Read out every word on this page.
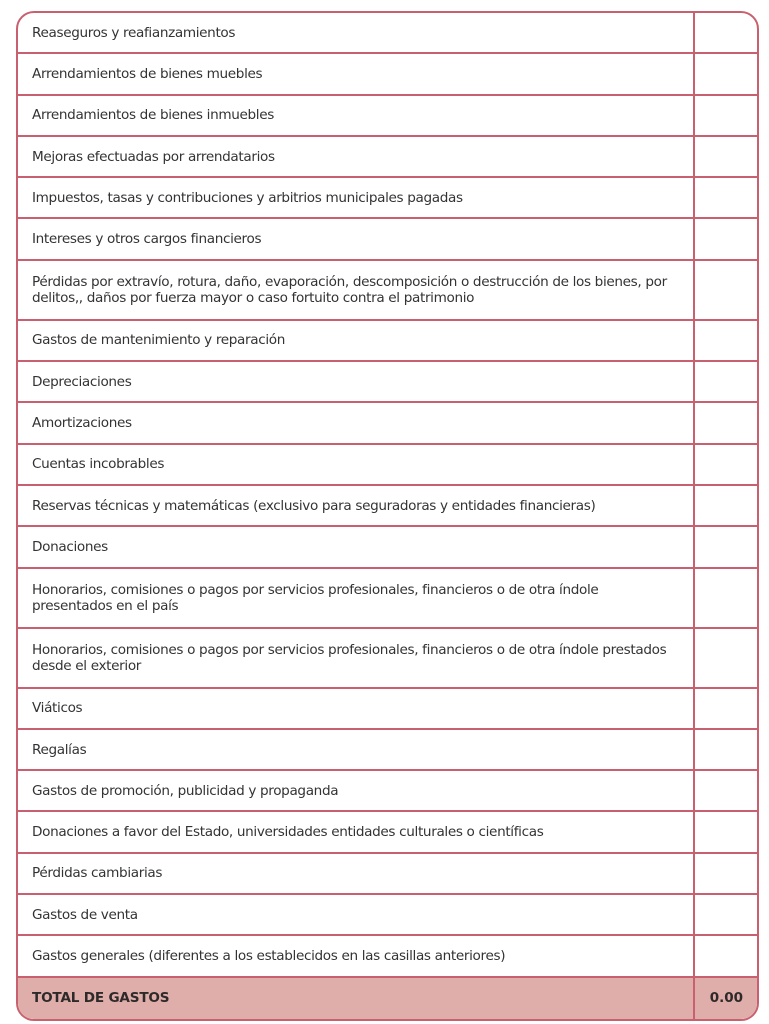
Reaseguros y reafianzamientos
Arrendamientos de bienes muebles
Arrendamientos de bienes inmuebles
Mejoras efectuadas por arrendatarios
Impuestos, tasas y contribuciones y arbitrios municipales pagadas
Intereses y otros cargos financieros
Pérdidas por extravío, rotura, daño, evaporación, descomposición o destrucción de los bienes, por delitos,, daños por fuerza mayor o caso fortuito contra el patrimonio
Gastos de mantenimiento y reparación
Depreciaciones
Amortizaciones
Cuentas incobrables
Reservas técnicas y matemáticas (exclusivo para seguradoras y entidades financieras)
Donaciones
Honorarios, comisiones o pagos por servicios profesionales, financieros o de otra índole presentados en el país
Honorarios, comisiones o pagos por servicios profesionales, financieros o de otra índole prestados desde el exterior
Viáticos
Regalías
Gastos de promoción, publicidad y propaganda
Donaciones a favor del Estado, universidades entidades culturales o científicas
Pérdidas cambiarias
Gastos de venta
Gastos generales (diferentes a los establecidos en las casillas anteriores)
TOTAL DE GASTOS	0.00
